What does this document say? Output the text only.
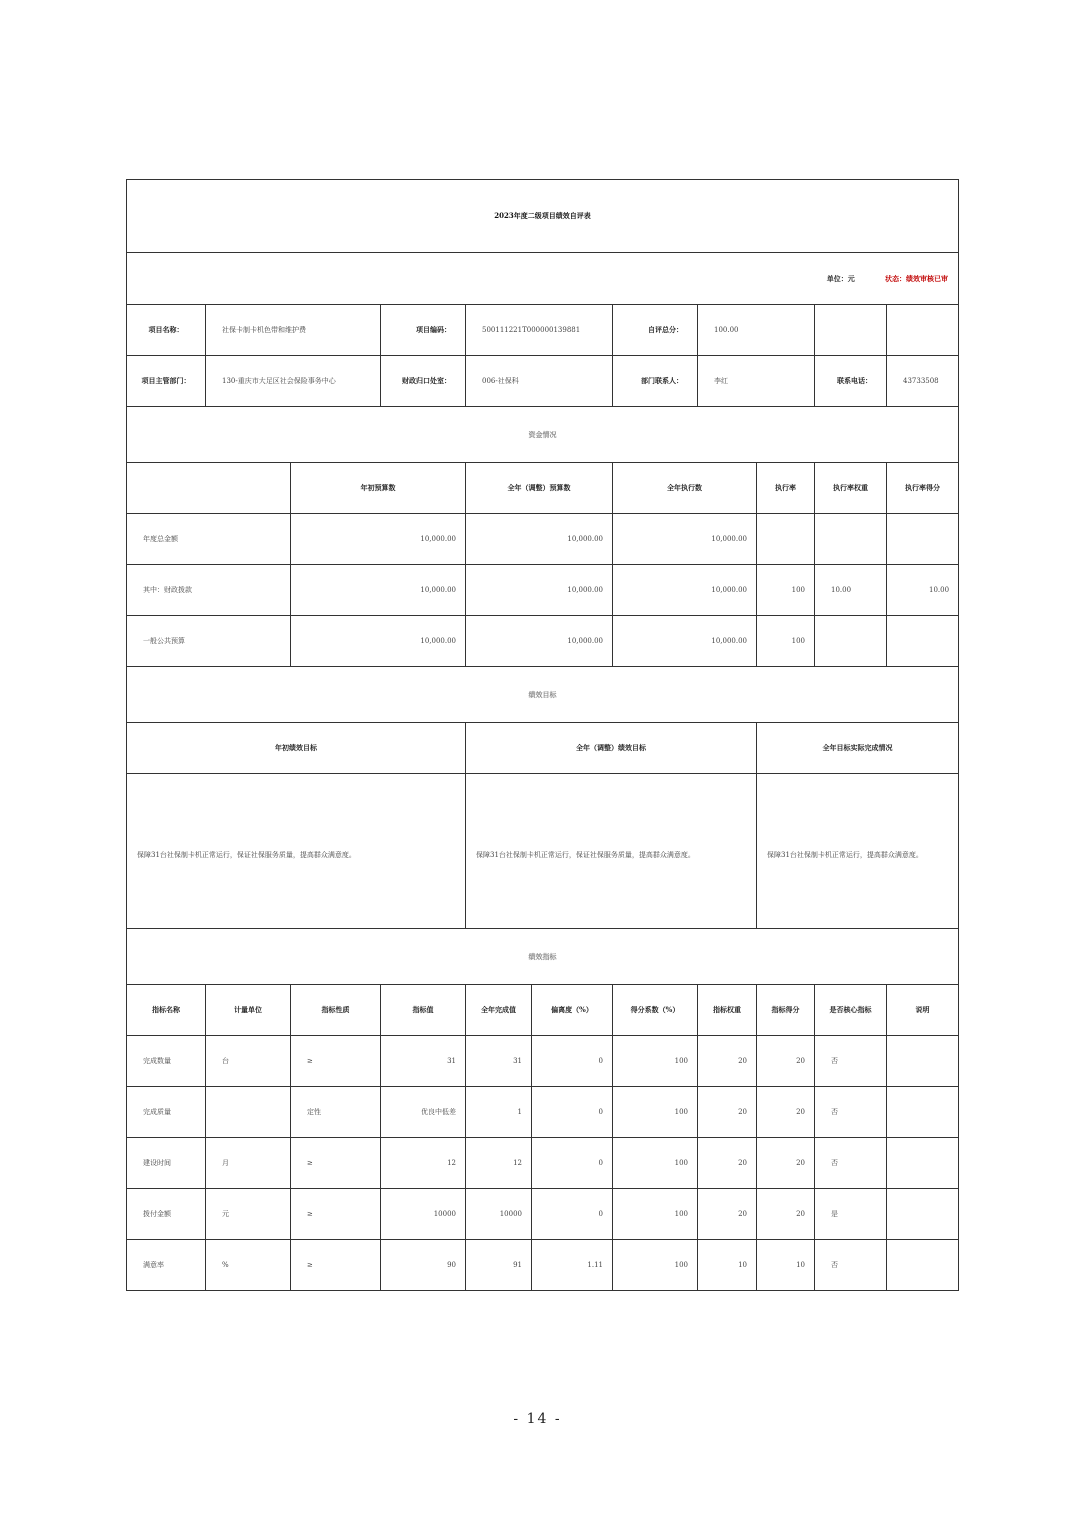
2023年度二级项目绩效自评表										
单位：元 状态：绩效审核已审										
项目名称：	社保卡制卡机色带和维护费		项目编码：	500111221T000000139881		自评总分：	100.00			
项目主管部门：	130-重庆市大足区社会保险事务中心		财政归口处室：	006-社保科		部门联系人：	李红		联系电话：	43733508
资金情况										
		年初预算数		全年（调整）预算数		全年执行数		执行率	执行率权重	执行率得分
年度总金额		10,000.00		10,000.00		10,000.00				
其中：财政拨款		10,000.00		10,000.00		10,000.00		100	10.00	10.00
一般公共预算		10,000.00		10,000.00		10,000.00		100		
绩效目标										
年初绩效目标				全年（调整）绩效目标				全年目标实际完成情况		
保障31台社保制卡机正常运行，保证社保服务质量，提高群众满意度。				保障31台社保制卡机正常运行，保证社保服务质量，提高群众满意度。				保障31台社保制卡机正常运行，提高群众满意度。		
绩效指标										
指标名称	计量单位	指标性质	指标值	全年完成值	偏离度（%）	得分系数（%）	指标权重	指标得分	是否核心指标	说明
完成数量	台	≥	31	31	0	100	20	20	否	
完成质量		定性	优良中低差	1	0	100	20	20	否	
建设时间	月	≥	12	12	0	100	20	20	否	
拨付金额	元	≥	10000	10000	0	100	20	20	是	
满意率	%	≥	90	91	1.11	100	10	10	否	
- 14 -
